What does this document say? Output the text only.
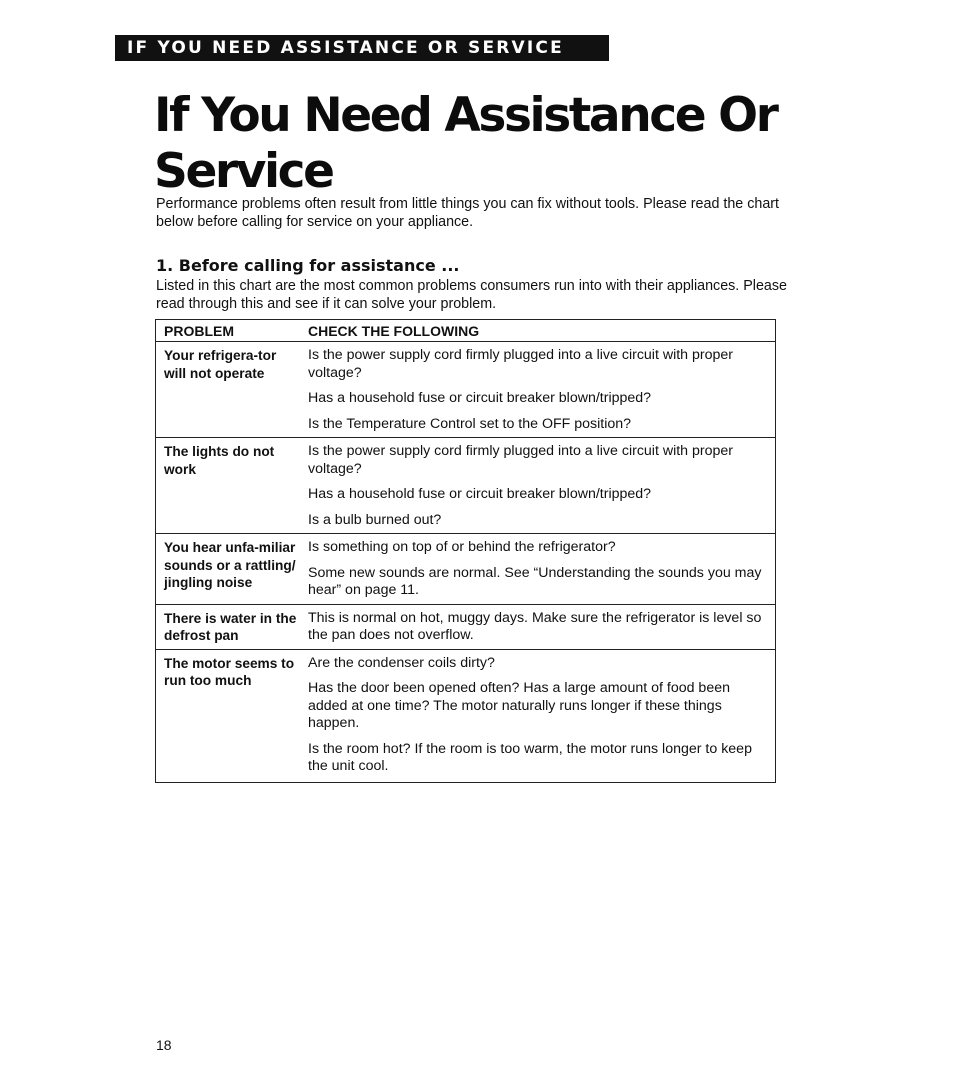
IF YOU NEED ASSISTANCE OR SERVICE
If You Need Assistance Or
Service

Performance problems often result from little things you can fix without tools. Please read the chart below before calling for service on your appliance.

1. Before calling for assistance ...

Listed in this chart are the most common problems consumers run into with their appliances. Please read through this and see if it can solve your problem.

PROBLEM	CHECK THE FOLLOWING
Your refrigera-tor will not operate

Is the power supply cord firmly plugged into a live circuit with proper voltage?

Has a household fuse or circuit breaker blown/tripped?

Is the Temperature Control set to the OFF position?

The lights do not work

Is the power supply cord firmly plugged into a live circuit with proper voltage?

Has a household fuse or circuit breaker blown/tripped?

Is a bulb burned out?

You hear unfa-miliar sounds or a rattling/ jingling noise

Is something on top of or behind the refrigerator?

Some new sounds are normal. See “Understanding the sounds you may hear” on page 11.

There is water in the defrost pan

This is normal on hot, muggy days. Make sure the refrigerator is level so the pan does not overflow.

The motor seems to run too much

Are the condenser coils dirty?

Has the door been opened often? Has a large amount of food been added at one time? The motor naturally runs longer if these things happen.

Is the room hot? If the room is too warm, the motor runs longer to keep the unit cool.

18
